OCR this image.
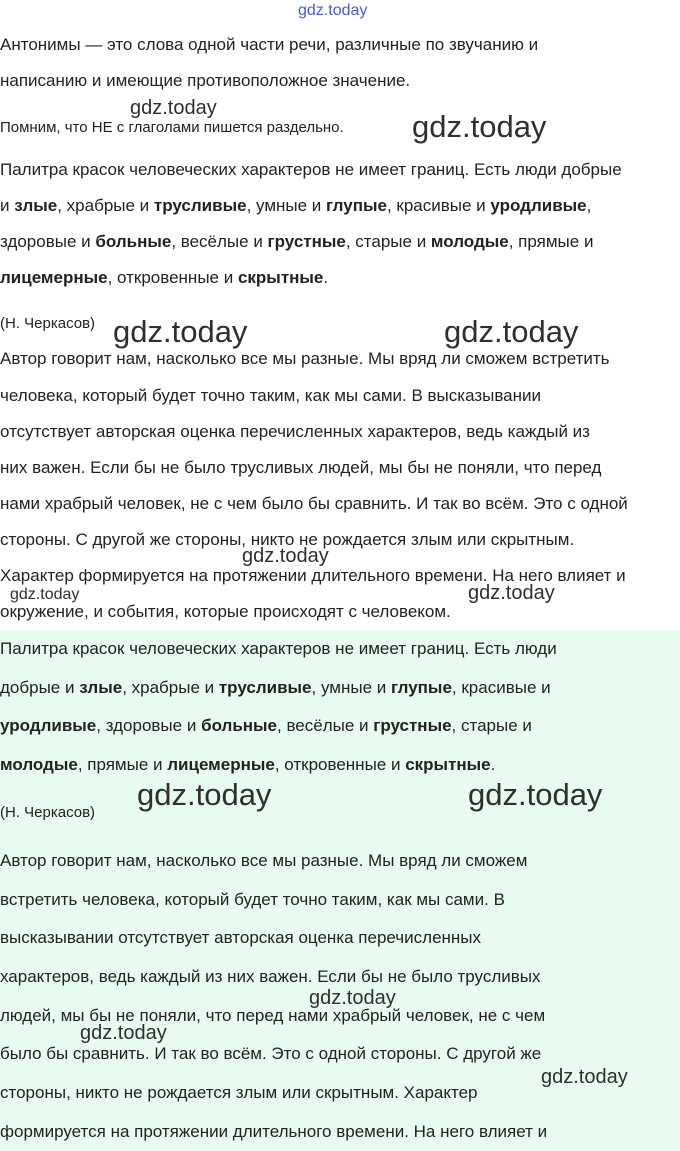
gdz.today

Антонимы — это слова одной части речи, различные по звучанию и

написанию и имеющие противоположное значение.

Помним, что НЕ с глаголами пишется раздельно.

gdz.today
gdz.today

Палитра красок человеческих характеров не имеет границ. Есть люди добрые

и злые, храбрые и трусливые, умные и глупые, красивые и уродливые,

здоровые и больные, весёлые и грустные, старые и молодые, прямые и

лицемерные, откровенные и скрытные.

(Н. Черкасов) gdz.today	gdz.today

Автор говорит нам, насколько все мы разные. Мы вряд ли сможем встретить

человека, который будет точно таким, как мы сами. В высказывании

отсутствует авторская оценка перечисленных характеров, ведь каждый из

них важен. Если бы не было трусливых людей, мы бы не поняли, что перед

нами храбрый человек, не с чем было бы сравнить. И так во всём. Это с одной

стороны. С другой же стороны, никто не рождается злым или скрытным.

Характер формируется на протяжении длительного времени. На него влияет и

окружение, и события, которые происходят с человеком.

gdz.today
gdz.today	gdz.today

Палитра красок человеческих характеров не имеет границ. Есть люди

добрые и злые, храбрые и трусливые, умные и глупые, красивые и

уродливые, здоровые и больные, весёлые и грустные, старые и

молодые, прямые и лицемерные, откровенные и скрытные.

(Н. Черкасов)

gdz.today	gdz.today

Автор говорит нам, насколько все мы разные. Мы вряд ли сможем

встретить человека, который будет точно таким, как мы сами. В

высказывании отсутствует авторская оценка перечисленных

характеров, ведь каждый из них важен. Если бы не было трусливых

людей, мы бы не поняли, что перед нами храбрый человек, не с чем

было бы сравнить. И так во всём. Это с одной стороны. С другой же

стороны, никто не рождается злым или скрытным. Характер

формируется на протяжении длительного времени. На него влияет и

gdz.today
gdz.today
gdz.today
